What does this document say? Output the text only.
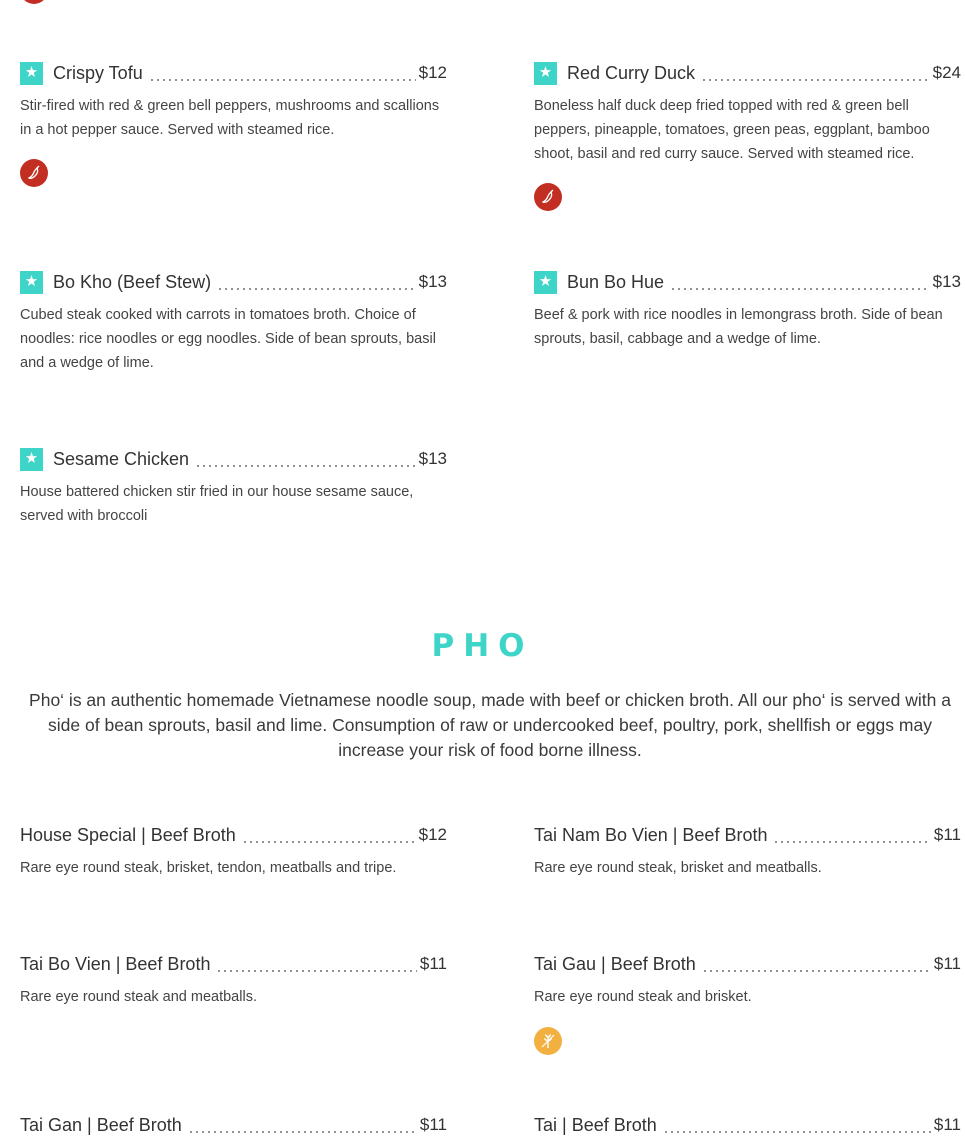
Crispy Tofu	$12
Stir-fired with red & green bell peppers, mushrooms and scallions in a hot pepper sauce. Served with steamed rice.
Red Curry Duck	$24
Boneless half duck deep fried topped with red & green bell peppers, pineapple, tomatoes, green peas, eggplant, bamboo shoot, basil and red curry sauce. Served with steamed rice.
Bo Kho (Beef Stew)	$13
Cubed steak cooked with carrots in tomatoes broth. Choice of noodles: rice noodles or egg noodles. Side of bean sprouts, basil and a wedge of lime.
Bun Bo Hue	$13
Beef & pork with rice noodles in lemongrass broth. Side of bean sprouts, basil, cabbage and a wedge of lime.
Sesame Chicken	$13
House battered chicken stir fried in our house sesame sauce, served with broccoli
PHO
Pho‘ is an authentic homemade Vietnamese noodle soup, made with beef or chicken broth. All our pho‘ is served with a side of bean sprouts, basil and lime. Consumption of raw or undercooked beef, poultry, pork, shellfish or eggs may increase your risk of food borne illness.
House Special | Beef Broth	$12
Rare eye round steak, brisket, tendon, meatballs and tripe.
Tai Nam Bo Vien | Beef Broth	$11
Rare eye round steak, brisket and meatballs.
Tai Bo Vien | Beef Broth	$11
Rare eye round steak and meatballs.
Tai Gau | Beef Broth	$11
Rare eye round steak and brisket.
Tai Gan | Beef Broth	$11	Tai | Beef Broth	$11
